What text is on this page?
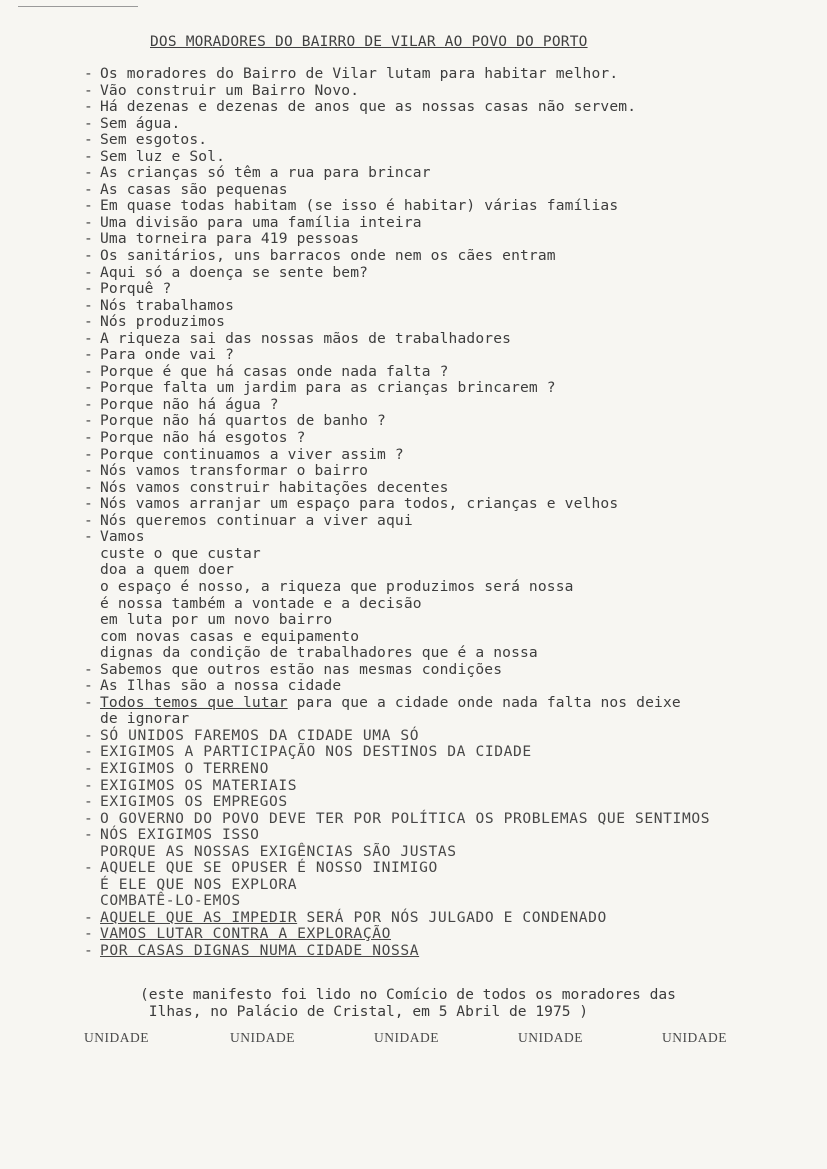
DOS MORADORES DO BAIRRO DE VILAR AO POVO DO PORTO
- Os moradores do Bairro de Vilar lutam para habitar melhor.
- Vão construir um Bairro Novo.
- Há dezenas e dezenas de anos que as nossas casas não servem.
- Sem água.
- Sem esgotos.
- Sem luz e Sol.
- As crianças só têm a rua para brincar
- As casas são pequenas
- Em quase todas habitam (se isso é habitar) várias famílias
- Uma divisão para uma família inteira
- Uma torneira para 419 pessoas
- Os sanitários, uns barracos onde nem os cães entram
- Aqui só a doença se sente bem?
- Porquê ?
- Nós trabalhamos
- Nós produzimos
- A riqueza sai das nossas mãos de trabalhadores
- Para onde vai ?
- Porque é que há casas onde nada falta ?
- Porque falta um jardim para as crianças brincarem ?
- Porque não há água ?
- Porque não há quartos de banho ?
- Porque não há esgotos ?
- Porque continuamos a viver assim ?
- Nós vamos transformar o bairro
- Nós vamos construir habitações decentes
- Nós vamos arranjar um espaço para todos, crianças e velhos
- Nós queremos continuar a viver aqui
- Vamos
custe o que custar
doa a quem doer
o espaço é nosso, a riqueza que produzimos será nossa
é nossa também a vontade e a decisão
em luta por um novo bairro
com novas casas e equipamento
dignas da condição de trabalhadores que é a nossa
- Sabemos que outros estão nas mesmas condições
- As Ilhas são a nossa cidade
- Todos temos que lutar para que a cidade onde nada falta nos deixe
de ignorar
- SÓ UNIDOS FAREMOS DA CIDADE UMA SÓ
- EXIGIMOS A PARTICIPAÇÃO NOS DESTINOS DA CIDADE
- EXIGIMOS O TERRENO
- EXIGIMOS OS MATERIAIS
- EXIGIMOS OS EMPREGOS
- O GOVERNO DO POVO DEVE TER POR POLÍTICA OS PROBLEMAS QUE SENTIMOS
- NÓS EXIGIMOS ISSO
PORQUE AS NOSSAS EXIGÊNCIAS SÃO JUSTAS
- AQUELE QUE SE OPUSER É NOSSO INIMIGO
É ELE QUE NOS EXPLORA
COMBATÊ-LO-EMOS
- AQUELE QUE AS IMPEDIR SERÁ POR NÓS JULGADO E CONDENADO
- VAMOS LUTAR CONTRA A EXPLORAÇÃO
- POR CASAS DIGNAS NUMA CIDADE NOSSA
(este manifesto foi lido no Comício de todos os moradores das
Ilhas, no Palácio de Cristal, em 5 Abril de 1975 )
UNIDADE	UNIDADE	UNIDADE	UNIDADE	UNIDADE
